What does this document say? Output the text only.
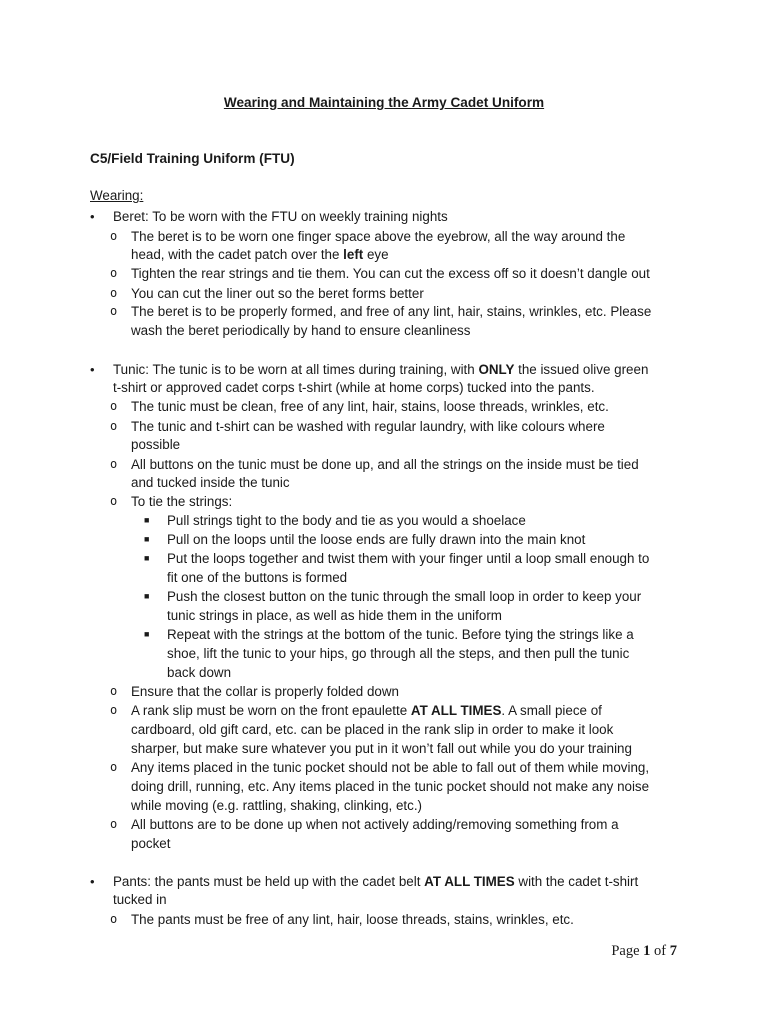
Wearing and Maintaining the Army Cadet Uniform
C5/Field Training Uniform (FTU)
Wearing:
• Beret: To be worn with the FTU on weekly training nights
o The beret is to be worn one finger space above the eyebrow, all the way around the
head, with the cadet patch over the left eye
o Tighten the rear strings and tie them. You can cut the excess off so it doesn’t dangle out
o You can cut the liner out so the beret forms better
o The beret is to be properly formed, and free of any lint, hair, stains, wrinkles, etc. Please
wash the beret periodically by hand to ensure cleanliness
• Tunic: The tunic is to be worn at all times during training, with ONLY the issued olive green
t-shirt or approved cadet corps t-shirt (while at home corps) tucked into the pants.
o The tunic must be clean, free of any lint, hair, stains, loose threads, wrinkles, etc.
o The tunic and t-shirt can be washed with regular laundry, with like colours where
possible
o All buttons on the tunic must be done up, and all the strings on the inside must be tied
and tucked inside the tunic
o To tie the strings:
■ Pull strings tight to the body and tie as you would a shoelace
■ Pull on the loops until the loose ends are fully drawn into the main knot
■ Put the loops together and twist them with your finger until a loop small enough to
fit one of the buttons is formed
■ Push the closest button on the tunic through the small loop in order to keep your
tunic strings in place, as well as hide them in the uniform
■ Repeat with the strings at the bottom of the tunic. Before tying the strings like a
shoe, lift the tunic to your hips, go through all the steps, and then pull the tunic
back down
o Ensure that the collar is properly folded down
o A rank slip must be worn on the front epaulette AT ALL TIMES. A small piece of
cardboard, old gift card, etc. can be placed in the rank slip in order to make it look
sharper, but make sure whatever you put in it won’t fall out while you do your training
o Any items placed in the tunic pocket should not be able to fall out of them while moving,
doing drill, running, etc. Any items placed in the tunic pocket should not make any noise
while moving (e.g. rattling, shaking, clinking, etc.)
o All buttons are to be done up when not actively adding/removing something from a
pocket
• Pants: the pants must be held up with the cadet belt AT ALL TIMES with the cadet t-shirt
tucked in
o The pants must be free of any lint, hair, loose threads, stains, wrinkles, etc.
Page 1 of 7
